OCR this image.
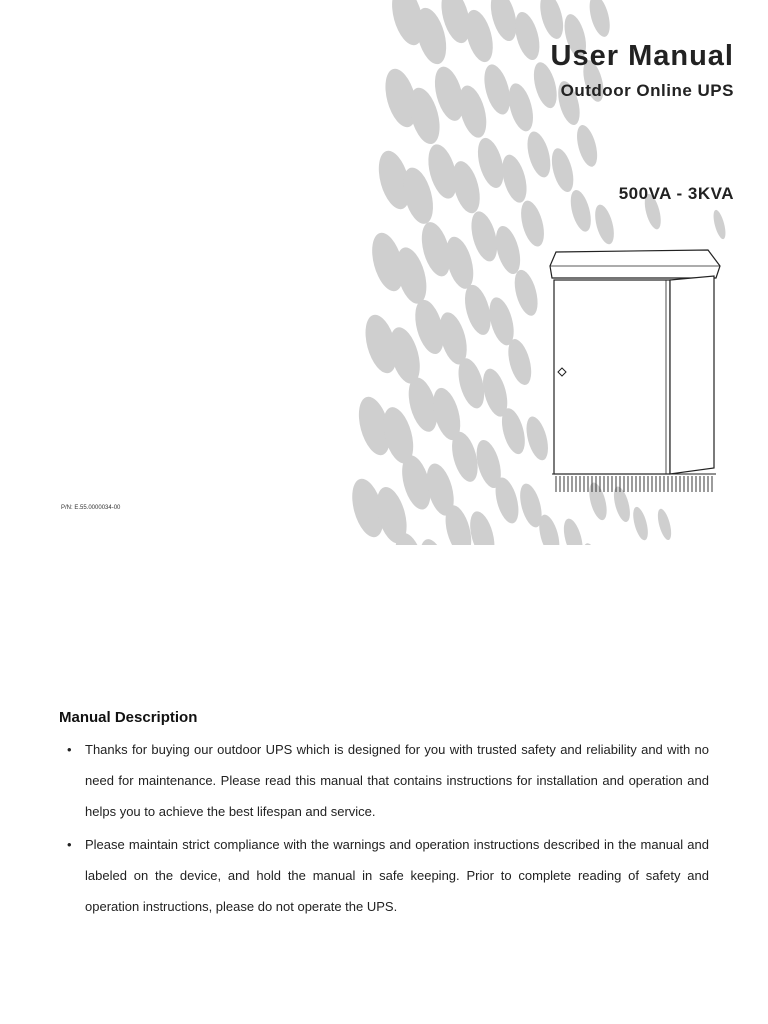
User Manual
Outdoor Online UPS
500VA - 3KVA
P/N: E.55.0000034-00
Manual Description
• Thanks for buying our outdoor UPS which is designed for you with trusted safety and reliability and with no need for maintenance. Please read this manual that contains instructions for installation and operation and helps you to achieve the best lifespan and service.
• Please maintain strict compliance with the warnings and operation instructions described in the manual and labeled on the device, and hold the manual in safe keeping. Prior to complete reading of safety and operation instructions, please do not operate the UPS.
